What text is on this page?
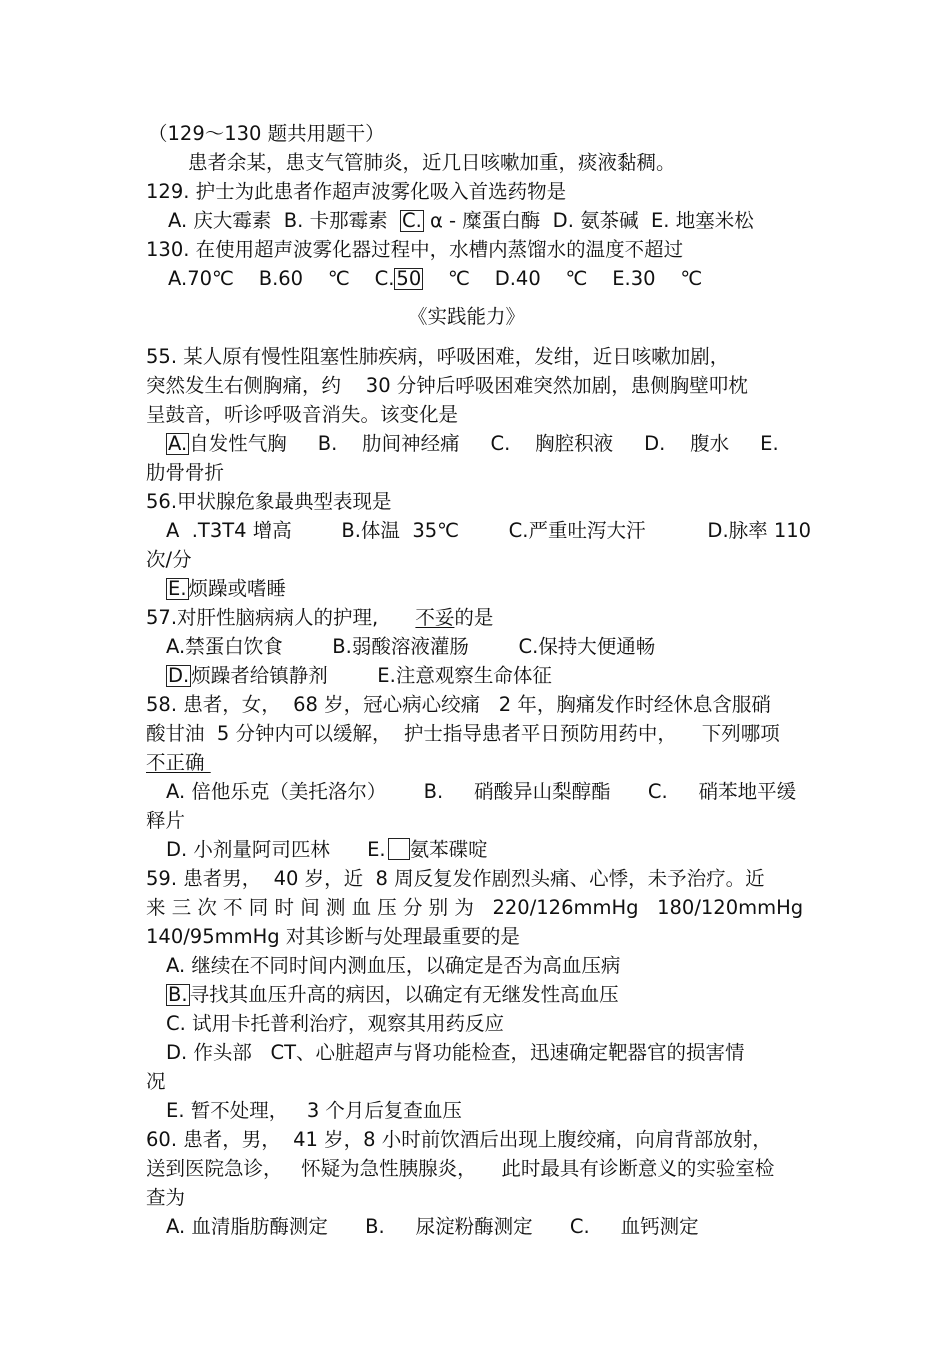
（129～130 题共用题干）
患者余某，患支气管肺炎，近几日咳嗽加重，痰液黏稠。
129. 护士为此患者作超声波雾化吸入首选药物是
A. 庆大霉素  B. 卡那霉素  C. α - 糜蛋白酶  D. 氨茶碱  E. 地塞米松
130. 在使用超声波雾化器过程中，水槽内蒸馏水的温度不超过
A.70℃    B.60    ℃    C. 50    ℃    D.40    ℃    E.30    ℃
《实践能力》
55. 某人原有慢性阻塞性肺疾病，呼吸困难，发绀，近日咳嗽加剧，
突然发生右侧胸痛，约    30 分钟后呼吸困难突然加剧，患侧胸壁叩枕
呈鼓音，听诊呼吸音消失。该变化是
A. 自发性气胸     B.    肋间神经痛     C.    胸腔积液     D.    腹水     E.
肋骨骨折
56.甲状腺危象最典型表现是
A  .T3T4 增高        B.体温  35℃        C.严重吐泻大汗          D.脉率 110
次/分
E. 烦躁或嗜睡
57.对肝性脑病病人的护理,      不妥的是
A.禁蛋白饮食        B.弱酸溶液灌肠        C.保持大便通畅
D. 烦躁者给镇静剂        E.注意观察生命体征
58. 患者，女，  68 岁，冠心病心绞痛   2 年，胸痛发作时经休息含服硝
酸甘油  5 分钟内可以缓解，  护士指导患者平日预防用药中，    下列哪项
不正确
A. 倍他乐克（美托洛尔）      B.     硝酸异山梨醇酯      C.     硝苯地平缓
释片
D. 小剂量阿司匹林      E. 氨苯碟啶
59. 患者男，  40 岁，近  8 周反复发作剧烈头痛、心悸，未予治疗。近
来 三 次 不 同 时 间 测 血 压 分 别 为   220/126mmHg   180/120mmHg
140/95mmHg 对其诊断与处理最重要的是
A. 继续在不同时间内测血压，以确定是否为高血压病
B. 寻找其血压升高的病因，以确定有无继发性高血压
C. 试用卡托普利治疗，观察其用药反应
D. 作头部   CT、心脏超声与肾功能检查，迅速确定靶器官的损害情
况
E. 暂不处理，   3 个月后复查血压
60. 患者，男，  41 岁，8 小时前饮酒后出现上腹绞痛，向肩背部放射，
送到医院急诊，   怀疑为急性胰腺炎，    此时最具有诊断意义的实验室检
查为
A. 血清脂肪酶测定      B.     尿淀粉酶测定      C.     血钙测定
